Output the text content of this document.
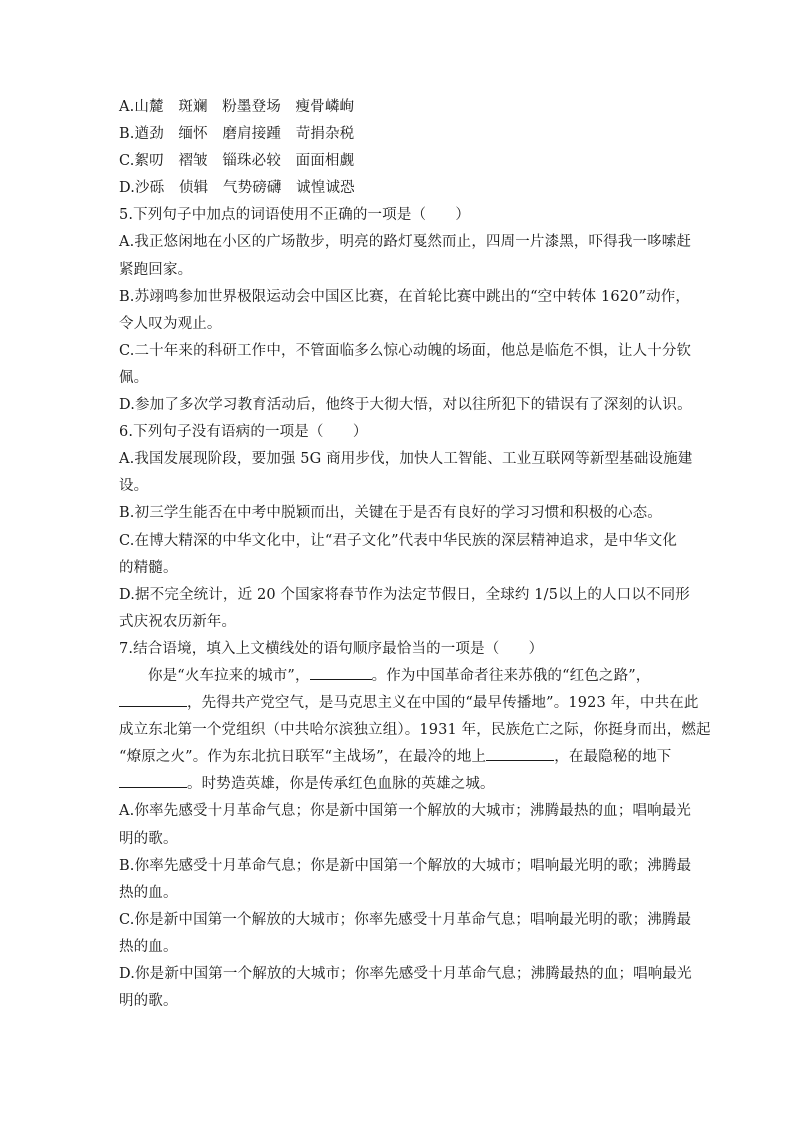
A.山麓　斑斓　粉墨登场　瘦骨嶙峋
B.遒劲　缅怀　磨肩接踵　苛捐杂税
C.絮叨　褶皱　锱珠必较　面面相觑
D.沙砾　侦辑　气势磅礴　诚惶诚恐
5.下列句子中加点的词语使用不正确的一项是（　　）
A.我正悠闲地在小区的广场散步，明亮的路灯戛然而止，四周一片漆黑，吓得我一哆嗦赶
紧跑回家。
B.苏翊鸣参加世界极限运动会中国区比赛，在首轮比赛中跳出的“空中转体 1620”动作，
令人叹为观止。
C.二十年来的科研工作中，不管面临多么惊心动魄的场面，他总是临危不惧，让人十分钦
佩。
D.参加了多次学习教育活动后，他终于大彻大悟，对以往所犯下的错误有了深刻的认识。
6.下列句子没有语病的一项是（　　）
A.我国发展现阶段，要加强 5G 商用步伐，加快人工智能、工业互联网等新型基础设施建
设。
B.初三学生能否在中考中脱颖而出，关键在于是否有良好的学习习惯和积极的心态。
C.在博大精深的中华文化中，让“君子文化”代表中华民族的深层精神追求，是中华文化
的精髓。
D.据不完全统计，近 20 个国家将春节作为法定节假日，全球约 1/5以上的人口以不同形
式庆祝农历新年。
7.结合语境，填入上文横线处的语句顺序最恰当的一项是（　　）
你是“火车拉来的城市”，	。作为中国革命者往来苏俄的“红色之路”，
，先得共产党空气，是马克思主义在中国的“最早传播地”。1923 年，中共在此
成立东北第一个党组织（中共哈尔滨独立组）。1931 年，民族危亡之际，你挺身而出，燃起
“燎原之火”。作为东北抗日联军“主战场”，在最冷的地上	，在最隐秘的地下
。时势造英雄，你是传承红色血脉的英雄之城。
A.你率先感受十月革命气息；你是新中国第一个解放的大城市；沸腾最热的血；唱响最光
明的歌。
B.你率先感受十月革命气息；你是新中国第一个解放的大城市；唱响最光明的歌；沸腾最
热的血。
C.你是新中国第一个解放的大城市；你率先感受十月革命气息；唱响最光明的歌；沸腾最
热的血。
D.你是新中国第一个解放的大城市；你率先感受十月革命气息；沸腾最热的血；唱响最光
明的歌。
